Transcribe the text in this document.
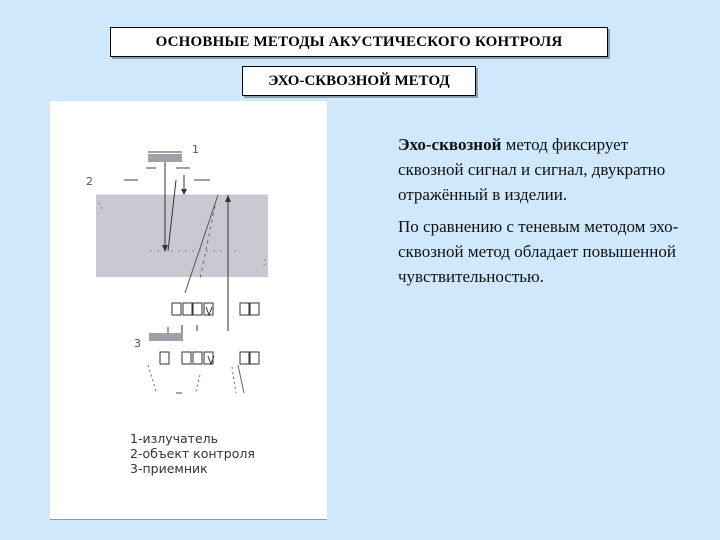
ОСНОВНЫЕ МЕТОДЫ АКУСТИЧЕСКОГО КОНТРОЛЯ
ЭХО-СКВОЗНОЙ МЕТОД
1
2
3
1-излучатель
2-объект контроля
3-приемник

Эхо-сквозной метод фиксирует сквозной сигнал и сигнал, двукратно отражённый в изделии.

По сравнению с теневым методом эхо-сквозной метод обладает повышенной чувствительностью.
